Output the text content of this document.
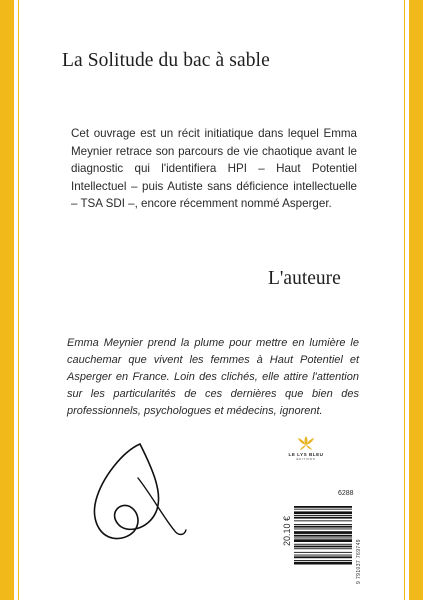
La Solitude du bac à sable
Cet ouvrage est un récit initiatique dans lequel Emma Meynier retrace son parcours de vie chaotique avant le diagnostic qui l'identifiera HPI – Haut Potentiel Intellectuel – puis Autiste sans déficience intellectuelle – TSA SDI –, encore récemment nommé Asperger.
L'auteure
Emma Meynier prend la plume pour mettre en lumière le cauchemar que vivent les femmes à Haut Potentiel et Asperger en France. Loin des clichés, elle attire l'attention sur les particularités de ces dernières que bien des professionnels, psychologues et médecins, ignorent.
LE LYS BLEU
ÉDITIONS
6288
20.10 €
9 791037 769749
